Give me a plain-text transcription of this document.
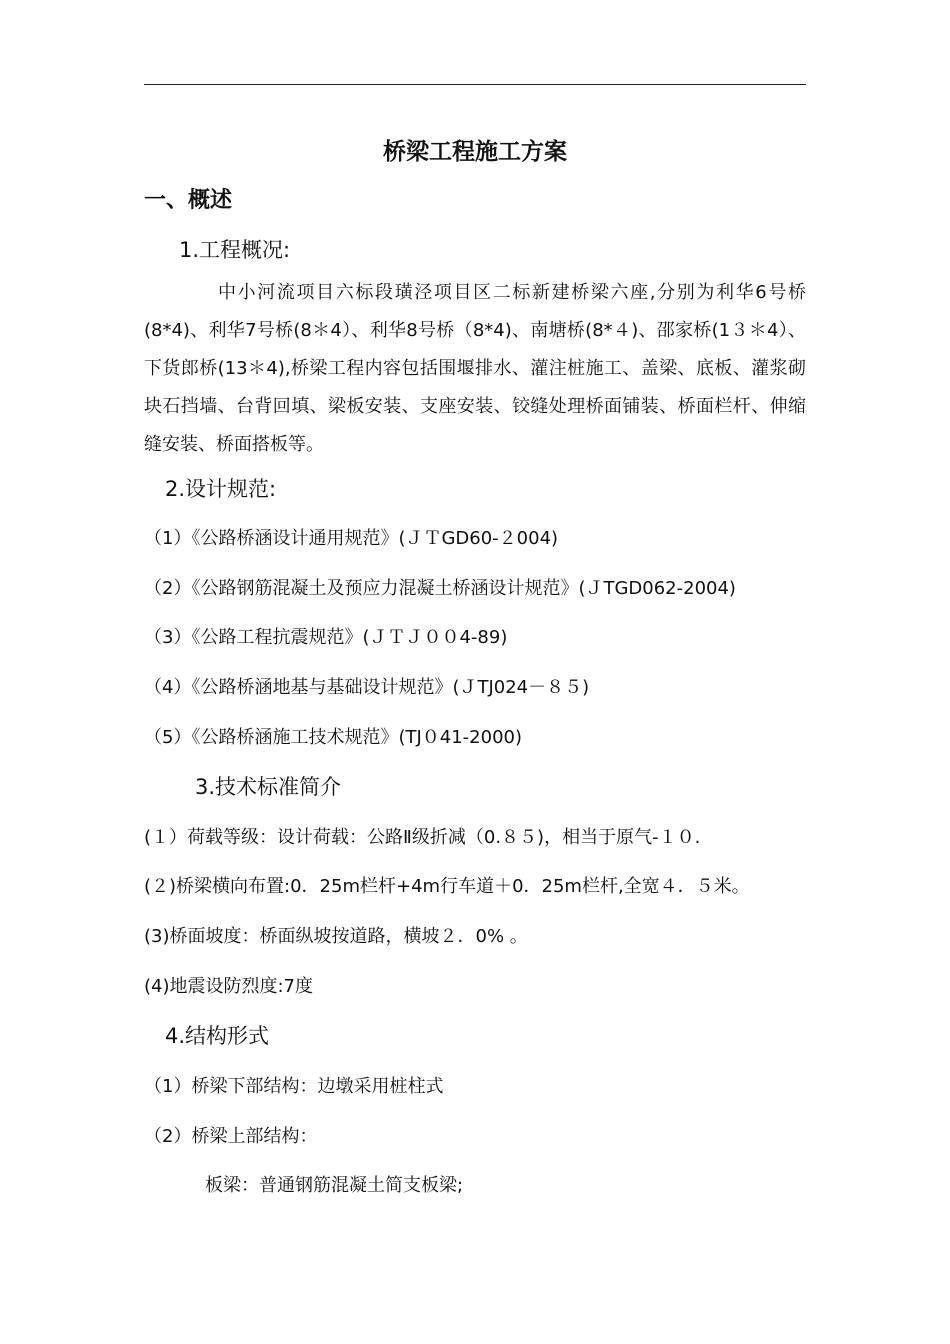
桥梁工程施工方案
一、概述
1.工程概况:
中小河流项目六标段璜泾项目区二标新建桥梁六座,分别为利华6号桥(8*4)、利华7号桥(8＊4）、利华8号桥（8*4)、南塘桥(8*４)、邵家桥(1３＊4）、下货郎桥(13＊4),桥梁工程内容包括围堰排水、灌注桩施工、盖梁、底板、灌浆砌块石挡墙、台背回填、梁板安装、支座安装、铰缝处理桥面铺装、桥面栏杆、伸缩缝安装、桥面搭板等。
2.设计规范:
（1）《公路桥涵设计通用规范》(ＪＴGD60-２004)
（2）《公路钢筋混凝土及预应力混凝土桥涵设计规范》(ＪTGD062-2004)
（3）《公路工程抗震规范》(ＪＴＪ００4-89)
（4）《公路桥涵地基与基础设计规范》(ＪTJ024－８５)
（5）《公路桥涵施工技术规范》(TJ０41-2000)
3.技术标准简介
(１）荷载等级：设计荷载：公路Ⅱ级折减（0.８５)，相当于原气-１０.
(２)桥梁横向布置:0．25m栏杆+4m行车道＋0．25m栏杆,全宽４．５米。
(3)桥面坡度：桥面纵坡按道路，横坡２．0% 。
(4)地震设防烈度:7度
4.结构形式
（1）桥梁下部结构：边墩采用桩柱式
（2）桥梁上部结构：
板梁：普通钢筋混凝土简支板梁;
